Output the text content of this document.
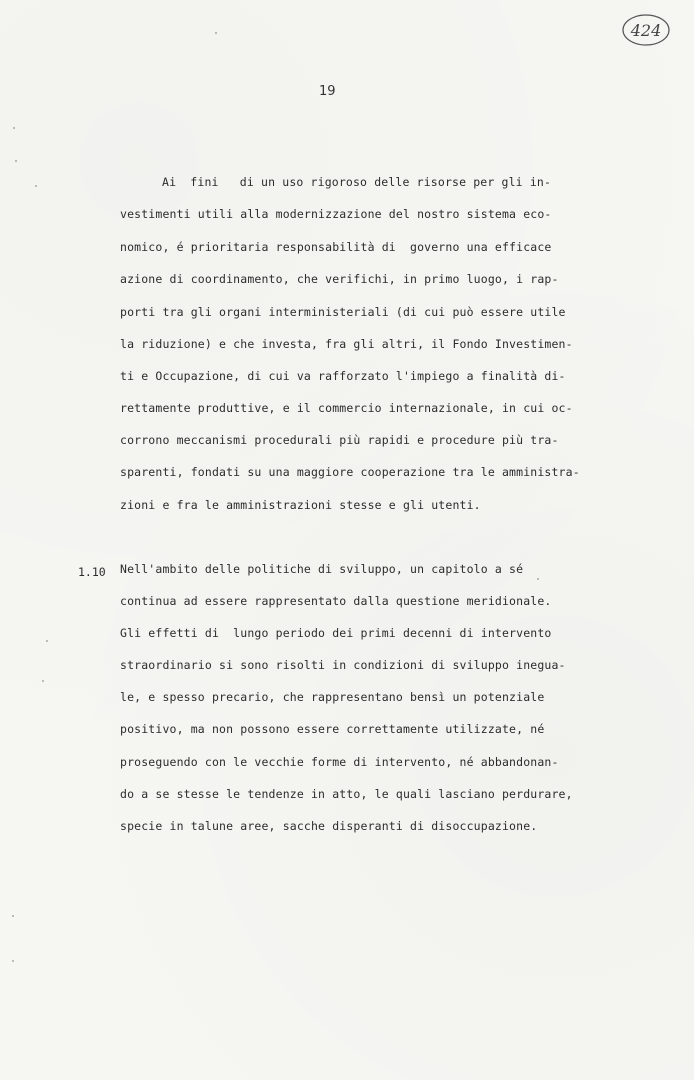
424
19
Ai  fini   di un uso rigoroso delle risorse per gli in-
vestimenti utili alla modernizzazione del nostro sistema eco-
nomico, é prioritaria responsabilità di  governo una efficace
azione di coordinamento, che verifichi, in primo luogo, i rap-
porti tra gli organi interministeriali (di cui può essere utile
la riduzione) e che investa, fra gli altri, il Fondo Investimen-
ti e Occupazione, di cui va rafforzato l'impiego a finalità di-
rettamente produttive, e il commercio internazionale, in cui oc-
corrono meccanismi procedurali più rapidi e procedure più tra-
sparenti, fondati su una maggiore cooperazione tra le amministra-
zioni e fra le amministrazioni stesse e gli utenti.
1.10 Nell'ambito delle politiche di sviluppo, un capitolo a sé
continua ad essere rappresentato dalla questione meridionale.
Gli effetti di  lungo periodo dei primi decenni di intervento
straordinario si sono risolti in condizioni di sviluppo inegua-
le, e spesso precario, che rappresentano bensì un potenziale
positivo, ma non possono essere correttamente utilizzate, né
proseguendo con le vecchie forme di intervento, né abbandonan-
do a se stesse le tendenze in atto, le quali lasciano perdurare,
specie in talune aree, sacche disperanti di disoccupazione.
